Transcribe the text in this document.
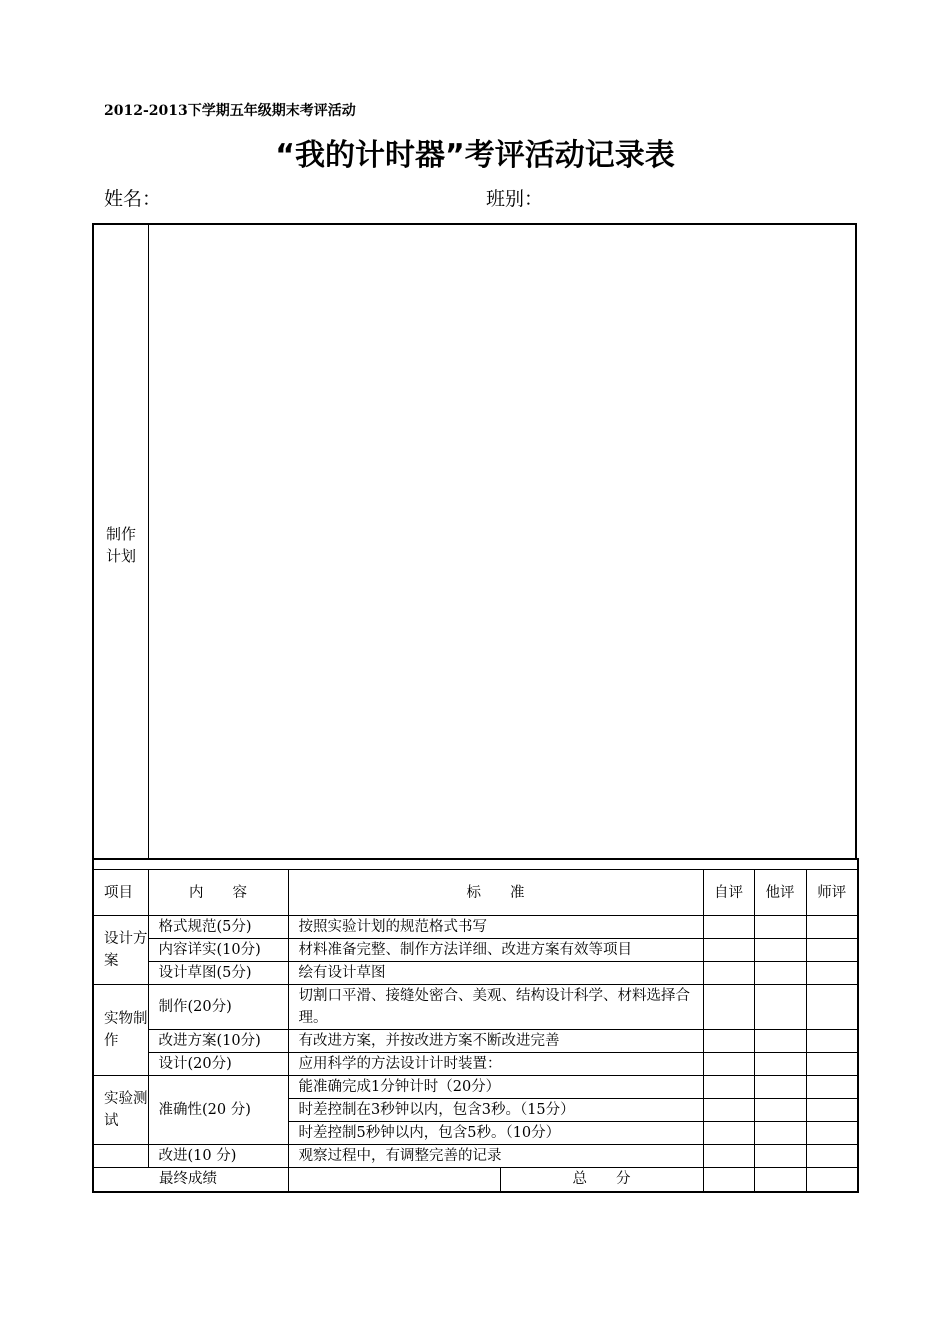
2012-2013下学期五年级期末考评活动
“我的计时器”考评活动记录表
姓名：	班别：
制作计划

项目	内　　容	标　　准		自评	他评	师评
设计方案	格式规范(5分)	按照实验计划的规范格式书写				
	内容详实(10分)	材料准备完整、制作方法详细、改进方案有效等项目				
	设计草图(5分)	绘有设计草图				
实物制作	制作(20分)	切割口平滑、接缝处密合、美观、结构设计科学、材料选择合理。				
	改进方案(10分)	有改进方案，并按改进方案不断改进完善				
	设计(20分)	应用科学的方法设计计时装置：				
实验测试	准确性(20 分)	能准确完成1分钟计时（20分）				
		时差控制在3秒钟以内，包含3秒。（15分）				
		时差控制5秒钟以内，包含5秒。（10分）				
	改进(10 分)	观察过程中，有调整完善的记录				
最终成绩			总　　分			
